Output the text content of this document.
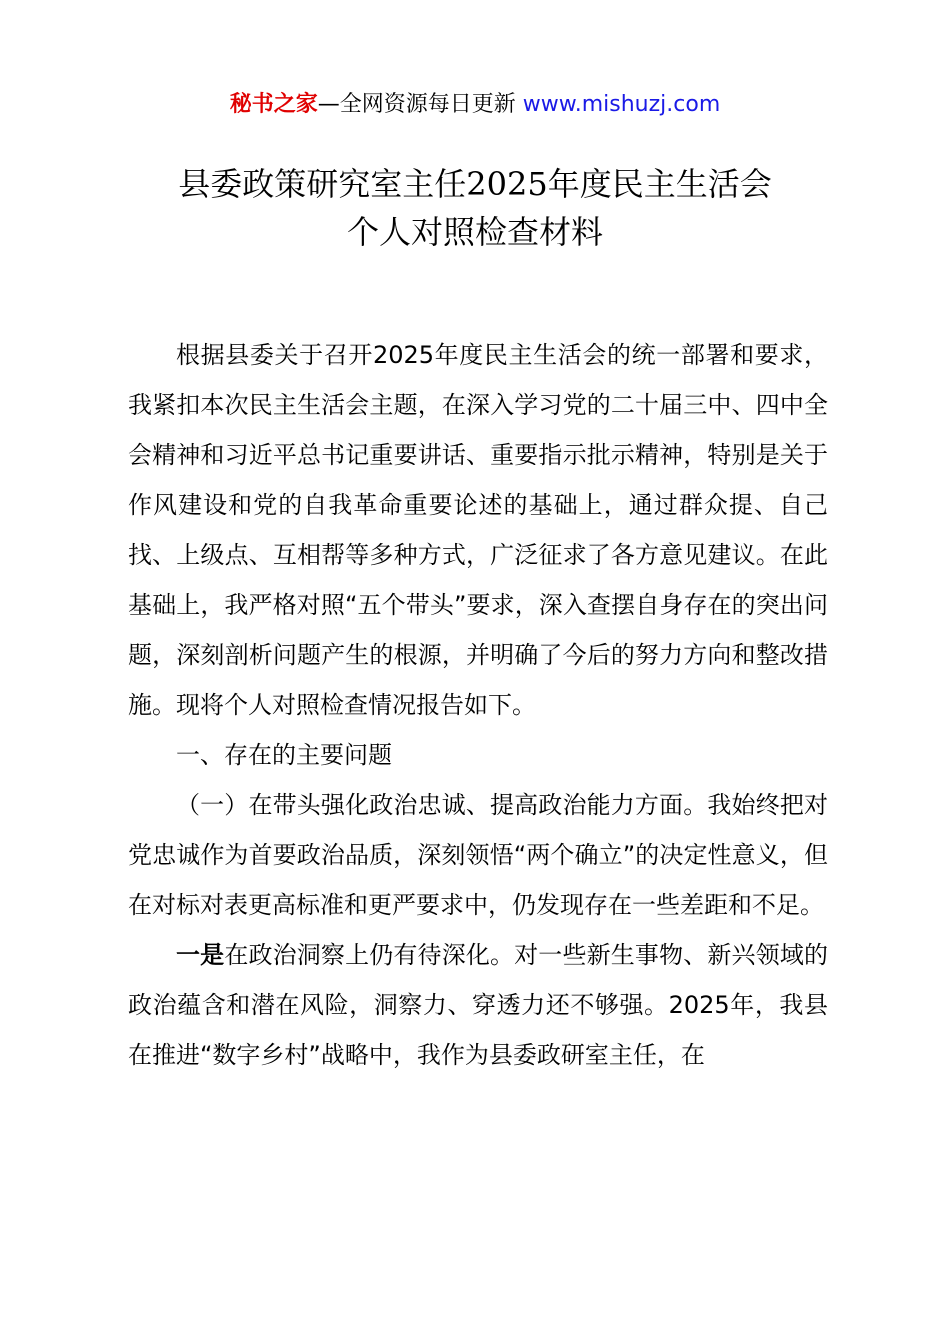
秘书之家—全网资源每日更新 www.mishuzj.com
县委政策研究室主任2025年度民主生活会
个人对照检查材料

根据县委关于召开2025年度民主生活会的统一部署和要求，我紧扣本次民主生活会主题，在深入学习党的二十届三中、四中全会精神和习近平总书记重要讲话、重要指示批示精神，特别是关于作风建设和党的自我革命重要论述的基础上，通过群众提、自己找、上级点、互相帮等多种方式，广泛征求了各方意见建议。在此基础上，我严格对照“五个带头”要求，深入查摆自身存在的突出问题，深刻剖析问题产生的根源，并明确了今后的努力方向和整改措施。现将个人对照检查情况报告如下。

一、存在的主要问题

（一）在带头强化政治忠诚、提高政治能力方面。我始终把对党忠诚作为首要政治品质，深刻领悟“两个确立”的决定性意义，但在对标对表更高标准和更严要求中，仍发现存在一些差距和不足。

一是在政治洞察上仍有待深化。对一些新生事物、新兴领域的政治蕴含和潜在风险，洞察力、穿透力还不够强。2025年，我县在推进“数字乡村”战略中，我作为县委政研室主任，在
